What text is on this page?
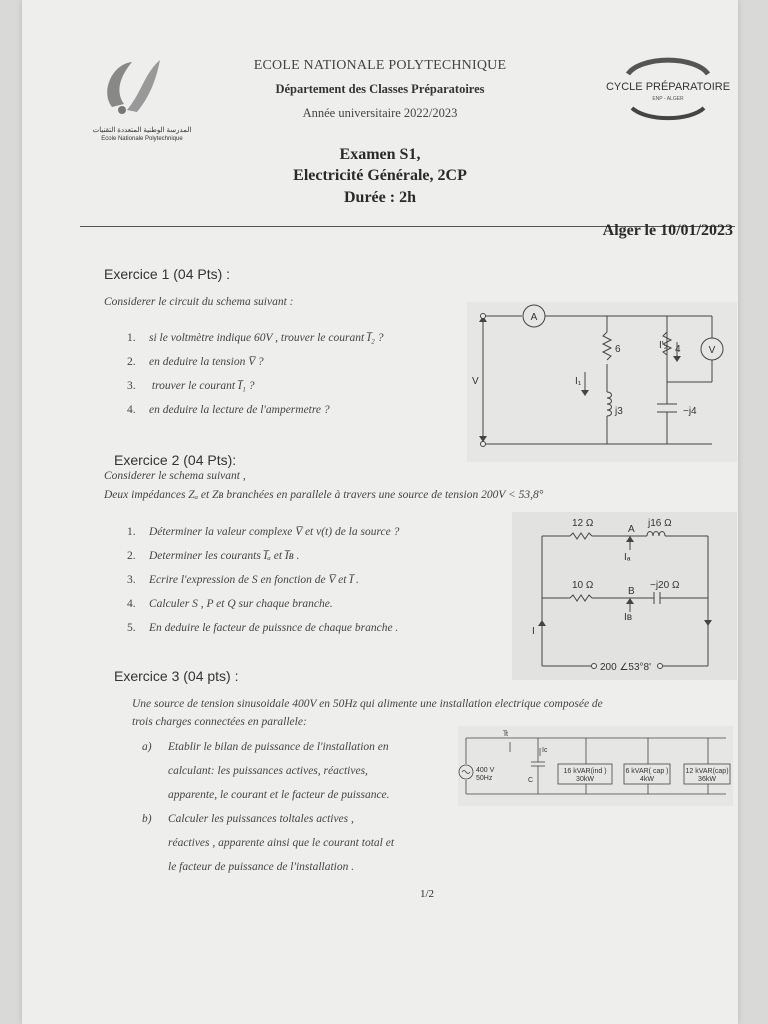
المدرسة الوطنية المتعددة التقنيات
Ecole Nationale Polytechnique
ECOLE NATIONALE POLYTECHNIQUE
Département des Classes Préparatoires
Année universitaire 2022/2023
CYCLE PRÉPARATOIRE
ENP - ALGER
Examen S1,
Electricité Générale, 2CP
Durée : 2h
Alger le 10/01/2023
Exercice 1 (04 Pts) :
Considerer le circuit du schema suivant :
1. si le voltmètre indique 60V , trouver le courant I̅₂ ?
2. en deduire la tension V̅ ?
3. trouver le courant I̅₁ ?
4. en deduire la lecture de l'ampermetre ?
A
V
V
6	4
j3	−j4
I₁
I'₂
Exercice 2 (04 Pts):
Considerer le schema suivant ,
Deux impédances Zₐ et Zʙ branchées en parallele à travers une source de tension 200V < 53,8°
1. Déterminer la valeur complexe V̅ et v(t) de la source ?
2. Determiner les courants I̅ₐ et I̅ʙ .
3. Ecrire l'expression de S en fonction de V̅ et I̅ .
4. Calculer S , P et Q sur chaque branche.
5. En deduire le facteur de puissnce de chaque branche .
12 Ω	j16 Ω
A
Iₐ
10 Ω	−j20 Ω
B
Iʙ
I
200 ∠53°8'
Exercice 3 (04 pts) :
Une source de tension sinusoidale 400V en 50Hz qui alimente une installation electrique composée de
trois charges connectées en parallele:
a) Etablir le bilan de puissance de l'installation en
calculant: les puissances actives, réactives,
apparente, le courant et le facteur de puissance.
b) Calculer les puissances toltales actives ,
réactives , apparente ainsi que le courant total et
le facteur de puissance de l'installation .
400 V
50Hz	C
I̅t
Ic
16 kVAR(ind )
30kW
6 kVAR( cap )
4kW
12 kVAR(cap)
36kW
1/2
